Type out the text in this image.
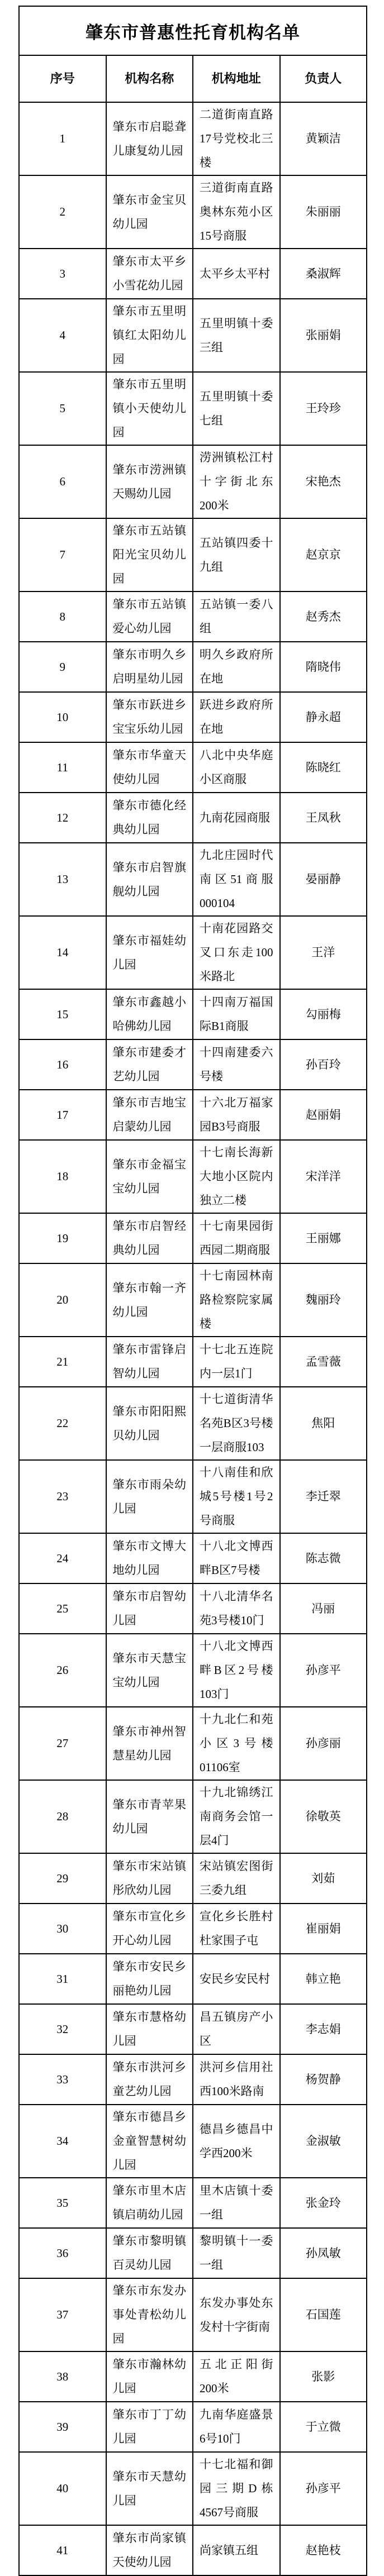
肇东市普惠性托育机构名单			
序号	机构名称	机构地址	负责人
1	肇东市启聪聋儿康复幼儿园	二道街南直路17号党校北三楼	黄颖洁
2	肇东市金宝贝幼儿园	三道街南直路奥林东苑小区15号商服	朱丽丽
3	肇东市太平乡小雪花幼儿园	太平乡太平村	桑淑辉
4	肇东市五里明镇红太阳幼儿园	五里明镇十委三组	张丽娟
5	肇东市五里明镇小天使幼儿园	五里明镇十委七组	王玲珍
6	肇东市涝洲镇天赐幼儿园	涝洲镇松江村十字街北东200米	宋艳杰
7	肇东市五站镇阳光宝贝幼儿园	五站镇四委十九组	赵京京
8	肇东市五站镇爱心幼儿园	五站镇一委八组	赵秀杰
9	肇东市明久乡启明星幼儿园	明久乡政府所在地	隋晓伟
10	肇东市跃进乡宝宝乐幼儿园	跃进乡政府所在地	静永超
11	肇东市华童天使幼儿园	八北中央华庭小区商服	陈晓红
12	肇东市德化经典幼儿园	九南花园商服	王凤秋
13	肇东市启智旗舰幼儿园	九北庄园时代南区51商服000104	晏丽静
14	肇东市福娃幼儿园	十南花园路交叉口东走100米路北	王洋
15	肇东市鑫越小哈佛幼儿园	十四南万福国际B1商服	勾丽梅
16	肇东市建委才艺幼儿园	十四南建委六号楼	孙百玲
17	肇东市吉地宝启蒙幼儿园	十六北万福家园B3号商服	赵丽娟
18	肇东市金福宝宝幼儿园	十七南长海新大地小区院内独立二楼	宋洋洋
19	肇东市启智经典幼儿园	十七南果园街西园二期商服	王丽娜
20	肇东市翰一齐幼儿园	十七南园林南路检察院家属楼	魏丽玲
21	肇东市雷锋启智幼儿园	十七北五连院内一层1门	孟雪薇
22	肇东市阳阳熙贝幼儿园	十七道街清华名苑B区3号楼一层商服103	焦阳
23	肇东市雨朵幼儿园	十八南佳和欣城5号楼1号2号商服	李迁翠
24	肇东市文博大地幼儿园	十八北文博西畔B区7号楼	陈志微
25	肇东市启智幼儿园	十八北清华名苑3号楼10门	冯丽
26	肇东市天慧宝宝幼儿园	十八北文博西畔B区2号楼103门	孙彦平
27	肇东市神州智慧星幼儿园	十九北仁和苑小区3号楼01106室	孙彦丽
28	肇东市青苹果幼儿园	十九北锦绣江南商务会馆一层4门	徐敬英
29	肇东市宋站镇彤欣幼儿园	宋站镇宏图街三委九组	刘茹
30	肇东市宣化乡开心幼儿园	宣化乡长胜村杜家围子屯	崔丽娟
31	肇东市安民乡丽艳幼儿园	安民乡安民村	韩立艳
32	肇东市慧格幼儿园	昌五镇房产小区	李志娟
33	肇东市洪河乡童艺幼儿园	洪河乡信用社西100米路南	杨贺静
34	肇东市德昌乡金童智慧树幼儿园	德昌乡德昌中学西200米	金淑敏
35	肇东市里木店镇启萌幼儿园	里木店镇十委一组	张金玲
36	肇东市黎明镇百灵幼儿园	黎明镇十一委一组	孙凤敏
37	肇东市东发办事处青松幼儿园	东发办事处东发村十字街南	石国莲
38	肇东市瀚林幼儿园	五北正阳街200米	张影
39	肇东市丁丁幼儿园	九南华庭盛景6号10门	于立微
40	肇东市天慧幼儿园	十七北福和御园三期D栋4567号商服	孙彦平
41	肇东市尚家镇天使幼儿园	尚家镇五组	赵艳枝
